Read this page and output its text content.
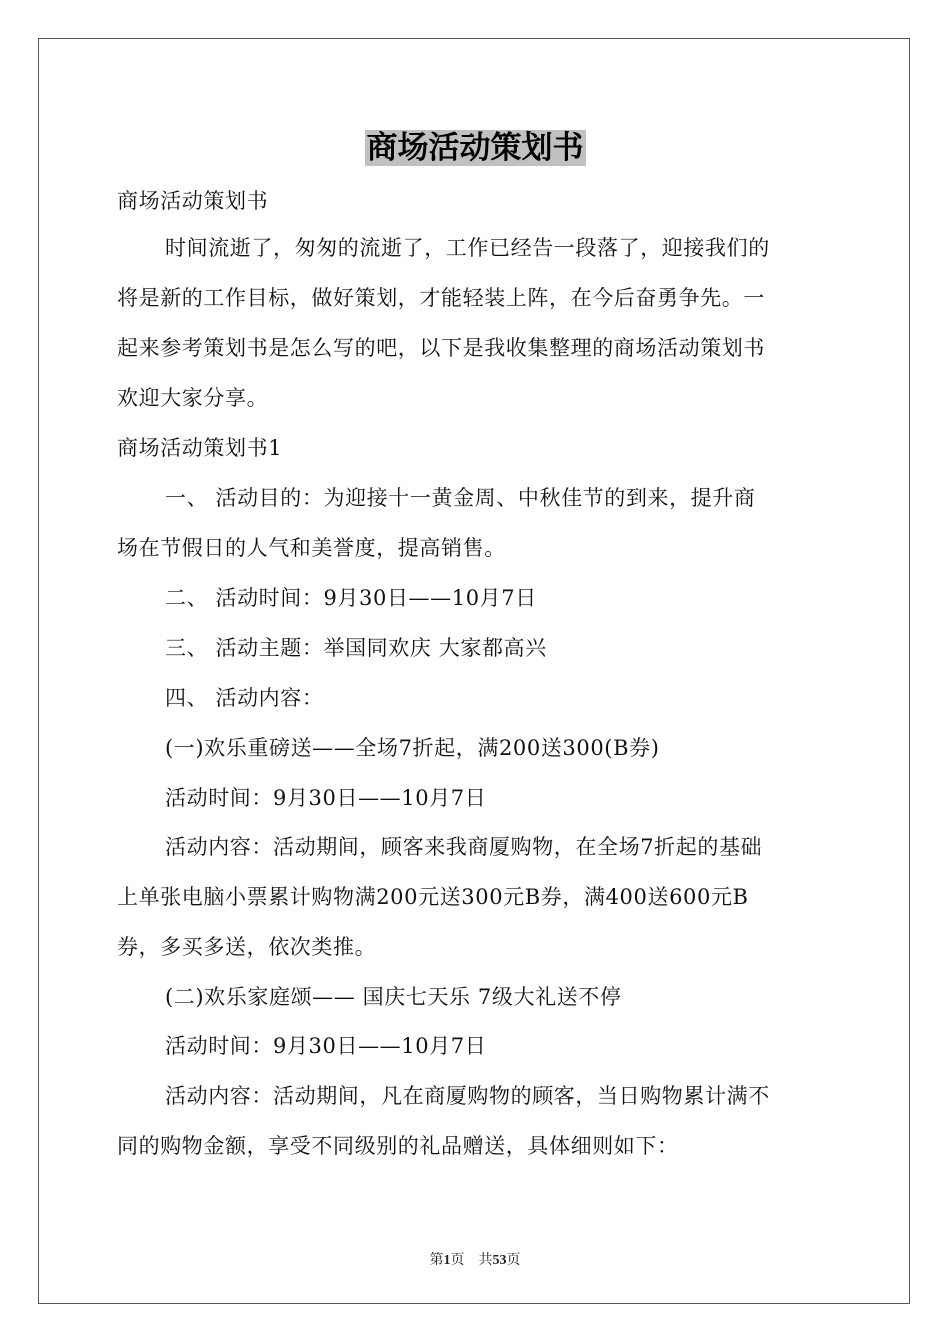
商场活动策划书
商场活动策划书
时间流逝了，匆匆的流逝了，工作已经告一段落了，迎接我们的
将是新的工作目标，做好策划，才能轻装上阵，在今后奋勇争先。一
起来参考策划书是怎么写的吧，以下是我收集整理的商场活动策划书
欢迎大家分享。
商场活动策划书1
一、 活动目的：为迎接十一黄金周、中秋佳节的到来，提升商
场在节假日的人气和美誉度，提高销售。
二、 活动时间：9月30日——10月7日
三、 活动主题：举国同欢庆 大家都高兴
四、 活动内容：
(一)欢乐重磅送——全场7折起，满200送300(B券)
活动时间：9月30日——10月7日
活动内容：活动期间，顾客来我商厦购物，在全场7折起的基础
上单张电脑小票累计购物满200元送300元B券，满400送600元B
券，多买多送，依次类推。
(二)欢乐家庭颂—— 国庆七天乐 7级大礼送不停
活动时间：9月30日——10月7日
活动内容：活动期间，凡在商厦购物的顾客，当日购物累计满不
同的购物金额，享受不同级别的礼品赠送，具体细则如下：
第1页　共53页
